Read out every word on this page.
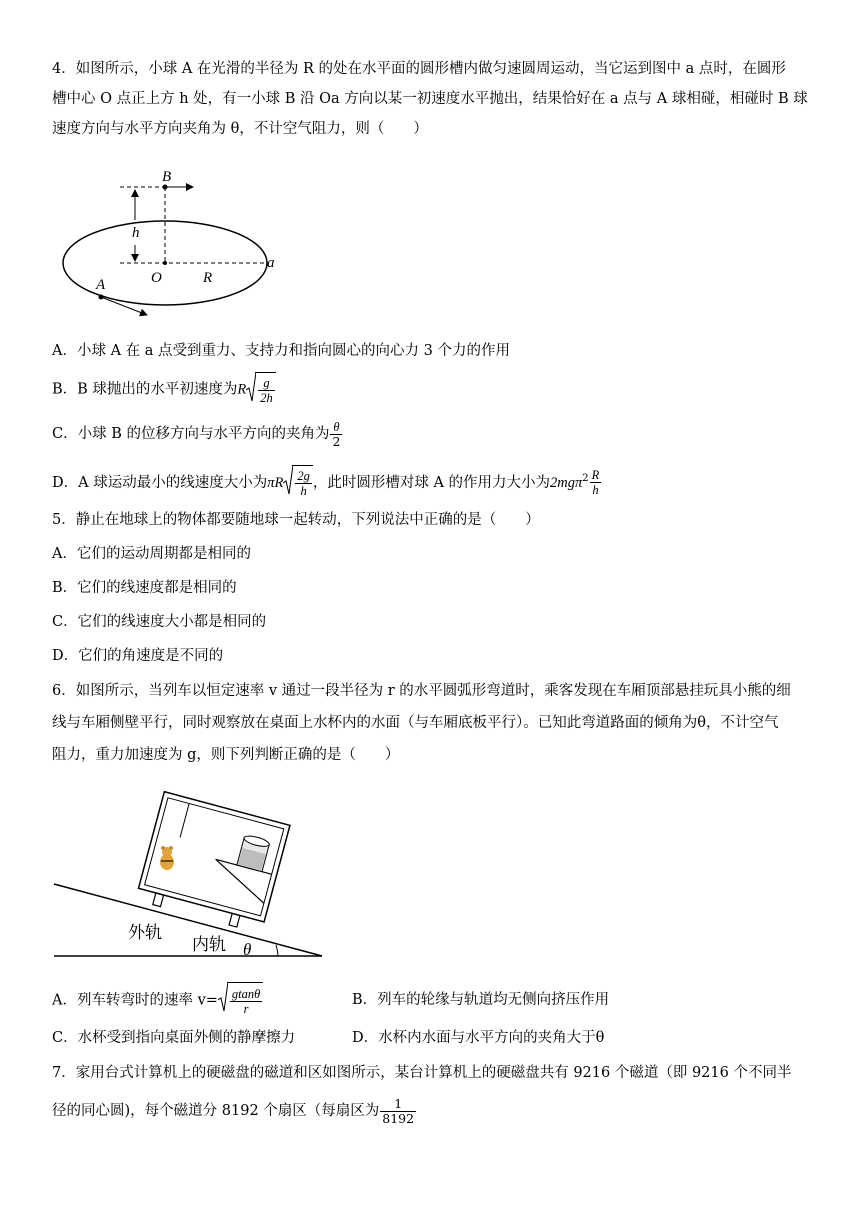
4．如图所示，小球 A 在光滑的半径为 R 的处在水平面的圆形槽内做匀速圆周运动，当它运到图中 a 点时，在圆形
槽中心 O 点正上方 h 处，有一小球 B 沿 Oa 方向以某一初速度水平抛出，结果恰好在 a 点与 A 球相碰，相碰时 B 球
速度方向与水平方向夹角为 θ，不计空气阻力，则（　　）
B
h
O	R
a
A
A．小球 A 在 a 点受到重力、支持力和指向圆心的向心力 3 个力的作用
B．B 球抛出的水平初速度为R $\frac{g}{2h}$
C．小球 B 的位移方向与水平方向的夹角为 $\frac{\theta}{2}$
D．A 球运动最小的线速度大小为πR $\frac{2g}{h}$ ，此时圆形槽对球 A 的作用力大小为$2mg\pi^2 \frac{R}{h}$
5．静止在地球上的物体都要随地球一起转动，下列说法中正确的是（　　）
A．它们的运动周期都是相同的
B．它们的线速度都是相同的
C．它们的线速度大小都是相同的
D．它们的角速度是不同的
6．如图所示，当列车以恒定速率 v 通过一段半径为 r 的水平圆弧形弯道时，乘客发现在车厢顶部悬挂玩具小熊的细
线与车厢侧壁平行，同时观察放在桌面上水杯内的水面（与车厢底板平行）。已知此弯道路面的倾角为θ，不计空气
阻力，重力加速度为 g，则下列判断正确的是（　　）
外轨
内轨 θ
A．列车转弯时的速率 $v= \frac{gtan\theta}{r}$	B．列车的轮缘与轨道均无侧向挤压作用
C．水杯受到指向桌面外侧的静摩擦力	D．水杯内水面与水平方向的夹角大于θ
7．家用台式计算机上的硬磁盘的磁道和区如图所示，某台计算机上的硬磁盘共有 9216 个磁道（即 9216 个不同半
径的同心圆)，每个磁道分 8192 个扇区（每扇区为 $\frac{1}{8192}$
